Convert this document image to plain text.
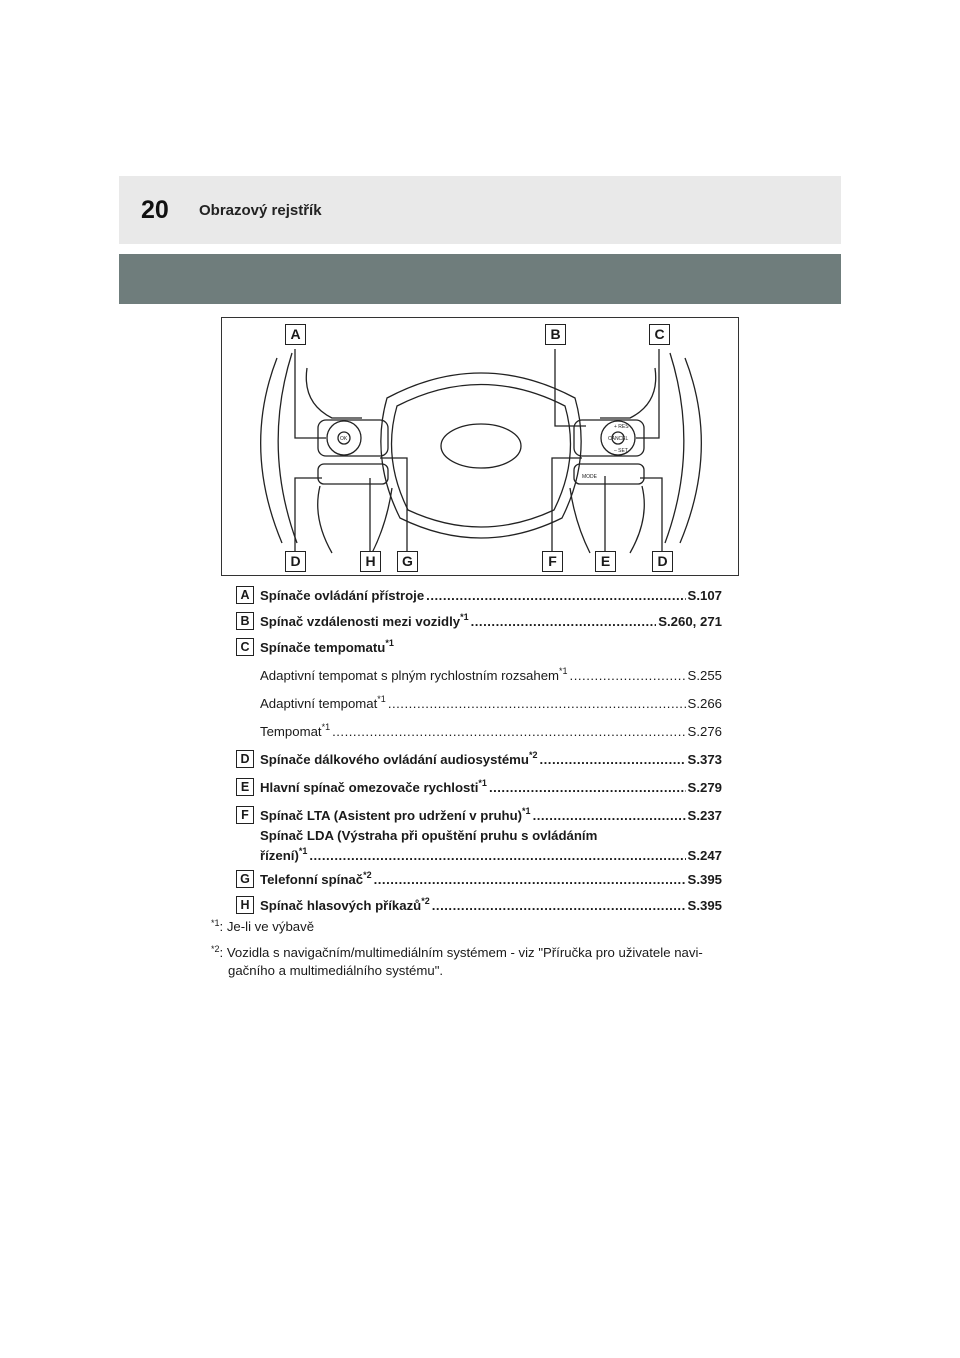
20 Obrazový rejstřík
OK
MODE
+ RES
– SET
CANCEL
A	B	C
D	H	G	F	E	D
A Spínače ovládání přístroje .....	S.107
B Spínač vzdálenosti mezi vozidly$^{*1}$ .....	S.260, 271
C Spínače tempomatu$^{*1}$
Adaptivní tempomat s plným rychlostním rozsahem$^{*1}$ .....	S.255
Adaptivní tempomat$^{*1}$ .....	S.266
Tempomat$^{*1}$ .....	S.276
D Spínače dálkového ovládání audiosystému$^{*2}$ .....	S.373
E Hlavní spínač omezovače rychlosti$^{*1}$ .....	S.279
F Spínač LTA (Asistent pro udržení v pruhu)$^{*1}$ .....	S.237
Spínač LDA (Výstraha při opuštění pruhu s ovládáním
řízení)$^{*1}$ .....	S.247
G Telefonní spínač$^{*2}$ .....	S.395
H Spínač hlasových příkazů$^{*2}$ .....	S.395
$^{*1}$: Je-li ve výbavě
$^{*2}$: Vozidla s navigačním/multimediálním systémem - viz "Příručka pro uživatele navi-
gačního a multimediálního systému".
